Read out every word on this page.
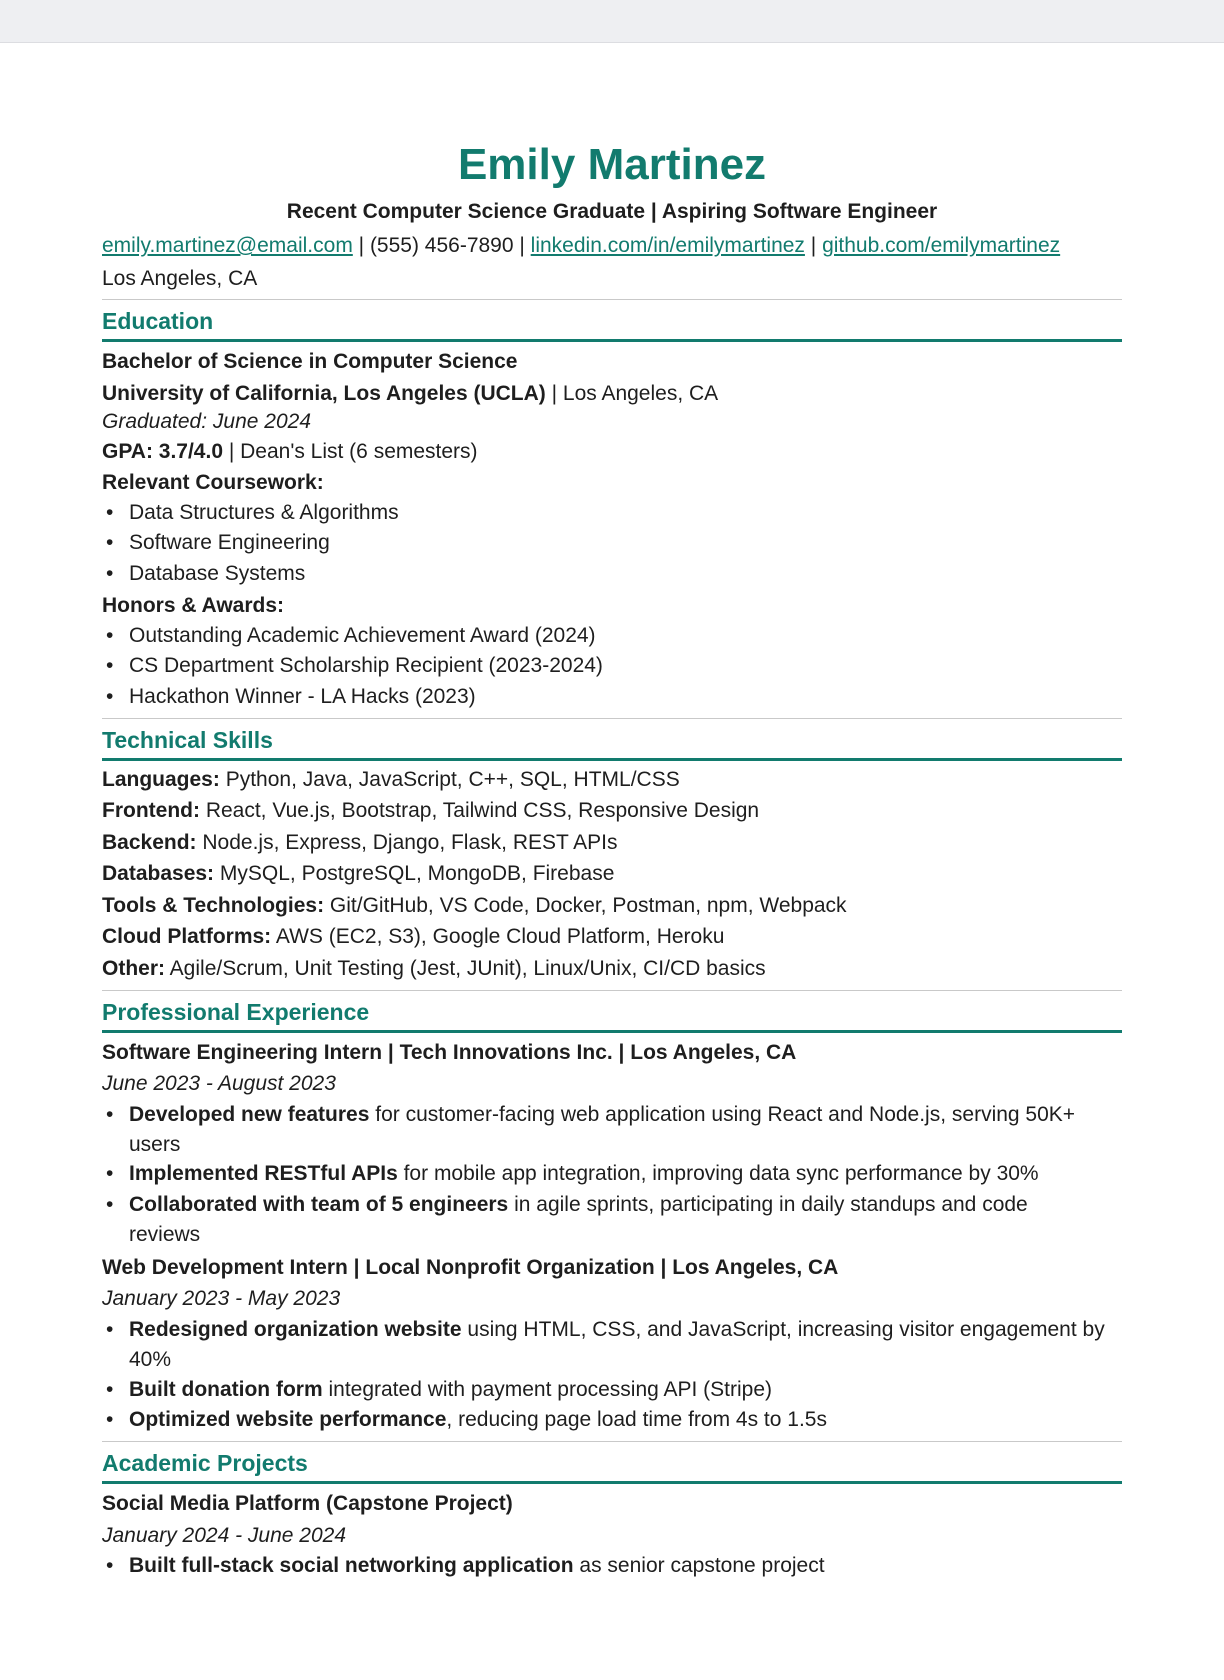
Emily Martinez
Recent Computer Science Graduate | Aspiring Software Engineer
emily.martinez@email.com | (555) 456-7890 | linkedin.com/in/emilymartinez | github.com/emilymartinez
Los Angeles, CA
Education
Bachelor of Science in Computer Science
University of California, Los Angeles (UCLA) | Los Angeles, CA
Graduated: June 2024
GPA: 3.7/4.0 | Dean's List (6 semesters)
Relevant Coursework:
• Data Structures & Algorithms
• Software Engineering
• Database Systems
Honors & Awards:
• Outstanding Academic Achievement Award (2024)
• CS Department Scholarship Recipient (2023-2024)
• Hackathon Winner - LA Hacks (2023)
Technical Skills
Languages: Python, Java, JavaScript, C++, SQL, HTML/CSS
Frontend: React, Vue.js, Bootstrap, Tailwind CSS, Responsive Design
Backend: Node.js, Express, Django, Flask, REST APIs
Databases: MySQL, PostgreSQL, MongoDB, Firebase
Tools & Technologies: Git/GitHub, VS Code, Docker, Postman, npm, Webpack
Cloud Platforms: AWS (EC2, S3), Google Cloud Platform, Heroku
Other: Agile/Scrum, Unit Testing (Jest, JUnit), Linux/Unix, CI/CD basics
Professional Experience
Software Engineering Intern | Tech Innovations Inc. | Los Angeles, CA
June 2023 - August 2023
• Developed new features for customer-facing web application using React and Node.js, serving 50K+ users
• Implemented RESTful APIs for mobile app integration, improving data sync performance by 30%
• Collaborated with team of 5 engineers in agile sprints, participating in daily standups and code reviews
Web Development Intern | Local Nonprofit Organization | Los Angeles, CA
January 2023 - May 2023
• Redesigned organization website using HTML, CSS, and JavaScript, increasing visitor engagement by 40%
• Built donation form integrated with payment processing API (Stripe)
• Optimized website performance, reducing page load time from 4s to 1.5s
Academic Projects
Social Media Platform (Capstone Project)
January 2024 - June 2024
• Built full-stack social networking application as senior capstone project
